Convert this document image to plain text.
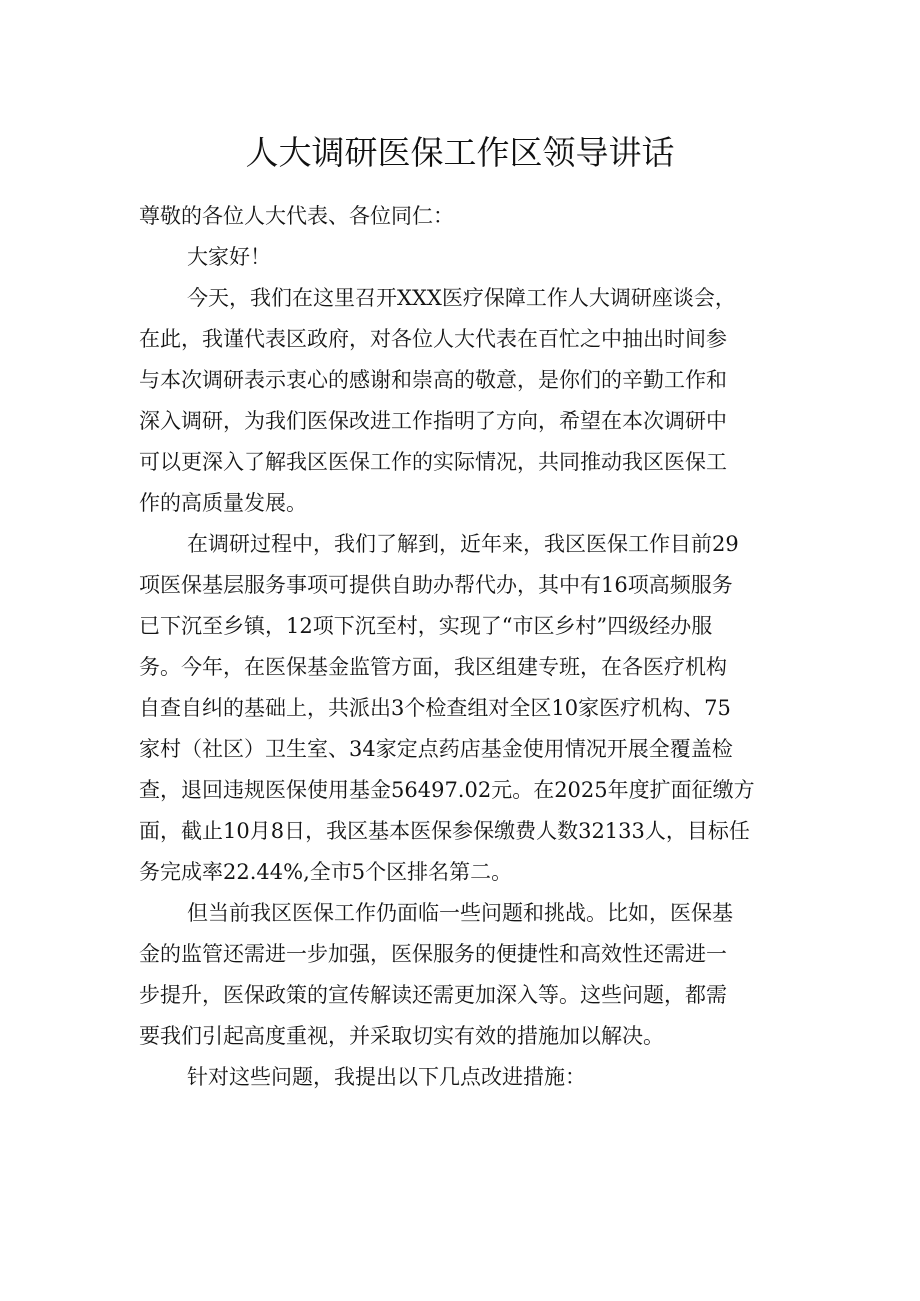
人大调研医保工作区领导讲话
尊敬的各位人大代表、各位同仁：
大家好！

今天，我们在这里召开XXX医疗保障工作人大调研座谈会，
在此，我谨代表区政府，对各位人大代表在百忙之中抽出时间参
与本次调研表示衷心的感谢和崇高的敬意，是你们的辛勤工作和
深入调研，为我们医保改进工作指明了方向，希望在本次调研中
可以更深入了解我区医保工作的实际情况，共同推动我区医保工
作的高质量发展。

在调研过程中，我们了解到，近年来，我区医保工作目前29
项医保基层服务事项可提供自助办帮代办，其中有16项高频服务
已下沉至乡镇，12项下沉至村，实现了“市区乡村”四级经办服
务。今年，在医保基金监管方面，我区组建专班，在各医疗机构
自查自纠的基础上，共派出3个检查组对全区10家医疗机构、75
家村（社区）卫生室、34家定点药店基金使用情况开展全覆盖检
查，退回违规医保使用基金56497.02元。在2025年度扩面征缴方
面，截止10月8日，我区基本医保参保缴费人数32133人，目标任
务完成率22.44%,全市5个区排名第二。

但当前我区医保工作仍面临一些问题和挑战。比如，医保基
金的监管还需进一步加强，医保服务的便捷性和高效性还需进一
步提升，医保政策的宣传解读还需更加深入等。这些问题，都需
要我们引起高度重视，并采取切实有效的措施加以解决。

针对这些问题，我提出以下几点改进措施：
